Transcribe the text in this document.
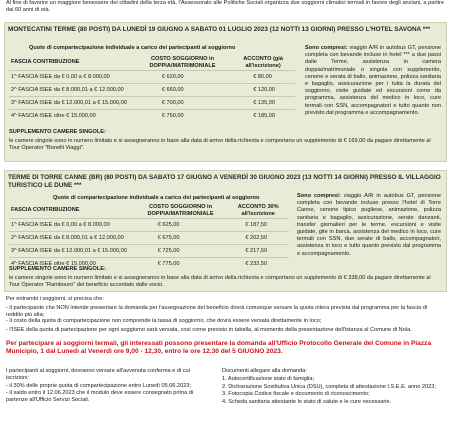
Al fine di favorire un maggiore benessere dei cittadini della terza età, l'Assessorato alle Politiche Sociali organizza due soggiorni climatici termali in favore degli anziani, a partire dai 60 anni di età.
MONTECATINI TERME (80 POSTI) DA LUNEDÌ 19 GIUGNO A SABATO 01 LUGLIO 2023 (12 NOTTI 13 GIORNI) PRESSO L'HOTEL SAVONA ***
Quote di compartecipazione individuale a carico dei partecipanti al soggiorno
FASCIA CONTRIBUZIONE	COSTO SOGGIORNO in DOPPIA/MATRIMONIALE	ACCONTO (già all'iscrizione)
1^ FASCIA ISEE da € 0,00 a € 8.000,00	€ 620,00	€ 86,00
2^ FASCIA ISEE da € 8.000,01 a € 12.000,00	€ 660,00	€ 120,00
3^ FASCIA ISEE da € 12.000,01 a € 15.000,00	€ 700,00	€ 135,00
4^ FASCIA ISEE oltre € 15.000,00	€ 750,00	€ 185,00
SUPPLEMENTO CAMERE SINGOLE:
le camere singole sono in numero limitato e si assegneranno in base alla data di arrivo della richiesta e comportano un supplemento di € 169,00 da pagare direttamente al Tour Operator "Bonelli Viaggi".
Sono compresi: viaggio A/R in autobus GT, pensione completa con bevande incluse in hotel *** a due passi dalle Terme, assistenza in camera doppia/matrimoniale o singola con supplemento, cenone e serata di ballo, animazione, polizza sanitaria e bagaglio, assicurazione per i tutta la durata del soggiorno, visite guidate ed escursioni come da programma, assistenza del medico in loco, cure termali con SSN, accompagnatori e tutto quanto non previsto dal programma e accompagnamento.
TERME DI TORRE CANNE (BR) (80 POSTI) DA SABATO 17 GIUGNO A VENERDÌ 30 GIUGNO 2023 (13 NOTTI 14 GIORNI) PRESSO IL VILLAGGIO TURISTICO LE DUNE ***
Quote di compartecipazione individuale a carico dei partecipanti al soggiorno
FASCIA CONTRIBUZIONE	COSTO SOGGIORNO in DOPPIA/MATRIMONIALE	ACCONTO 30% all'iscrizione
1^ FASCIA ISEE da € 0,00 a € 8.000,00	€ 625,00	€ 187,50
2^ FASCIA ISEE da € 8.000,01 a € 12.000,00	€ 675,00	€ 202,50
3^ FASCIA ISEE da € 12.000,01 a € 15.000,00	€ 725,00	€ 217,50
4^ FASCIA ISEE oltre € 15.000,00	€ 775,00	€ 232,50
SUPPLEMENTO CAMERE SINGOLE:
le camere singole sono in numero limitato e si assegneranno in base alla data di arrivo della richiesta e comportano un supplemento di € 338,00 da pagare direttamente al Tour Operator "Rambouro" del beneficio accordato dalle socio.
Sono compresi: viaggio A/R in autobus GT, pensione completa con bevande incluse presso l'hotel di Torre Canne, cenone tipico pugliese, animazione, polizza sanitaria e bagaglio, assicurazione, serate danzanti, transfer giornalieri per le terme, escursioni e visite guidate, gite in barca, assistenza del medico in loco, cure termali con SSN, due serate di ballo, accompagnatori, assistenza in loco e tutto quanto previsto dal programma e accompagnamento.
Per entrambi i soggiorni, si precisa che:
- il partecipante che NON intende presentare la domanda per l'assegnazione del beneficio dovrà comunque versare la quota intera prevista dal programma per la fascia di reddito più alta;
- il costo della quota di compartecipazione non comprende la tassa di soggiorno, che dovrà essere versata direttamente in loco;
- l'ISEE della quota di partecipazione per ogni soggiorno sarà versata, così come previsto in tabella, al momento della presentazione dell'istanza al Comune di Nola.
Per partecipare ai soggiorni termali, gli interessati possono presentare la domanda all'Ufficio Protocollo Generale del Comune in Piazza Municipio, 1 dal Lunedì al Venerdì ore 9,00 - 12,30, entro le ore 12.30 del 5 GIUGNO 2023.

I partecipanti ai soggiorni, dovranno versare all'avvenuta conferma e di cui iscrizioni:

- il 30% delle proprie quota di compartecipazione entro Lunedì 05.06.2023;

- il saldo entro il 12.06.2023 che il modulo deve essere consegnato prima di partenze all'Ufficio Servizi Sociali.

Documenti allegare alla domanda:

1. Autocertificazione stato di famiglia;

2. Dichiarazione Sostitutiva Unica (DSU), completa di attestazione I.S.E.E. anno 2023;

3. Fotocopia Codice fiscale e documento di riconoscimento;

4. Scheda sanitaria attestante lo stato di salute e le cure necessarie.
